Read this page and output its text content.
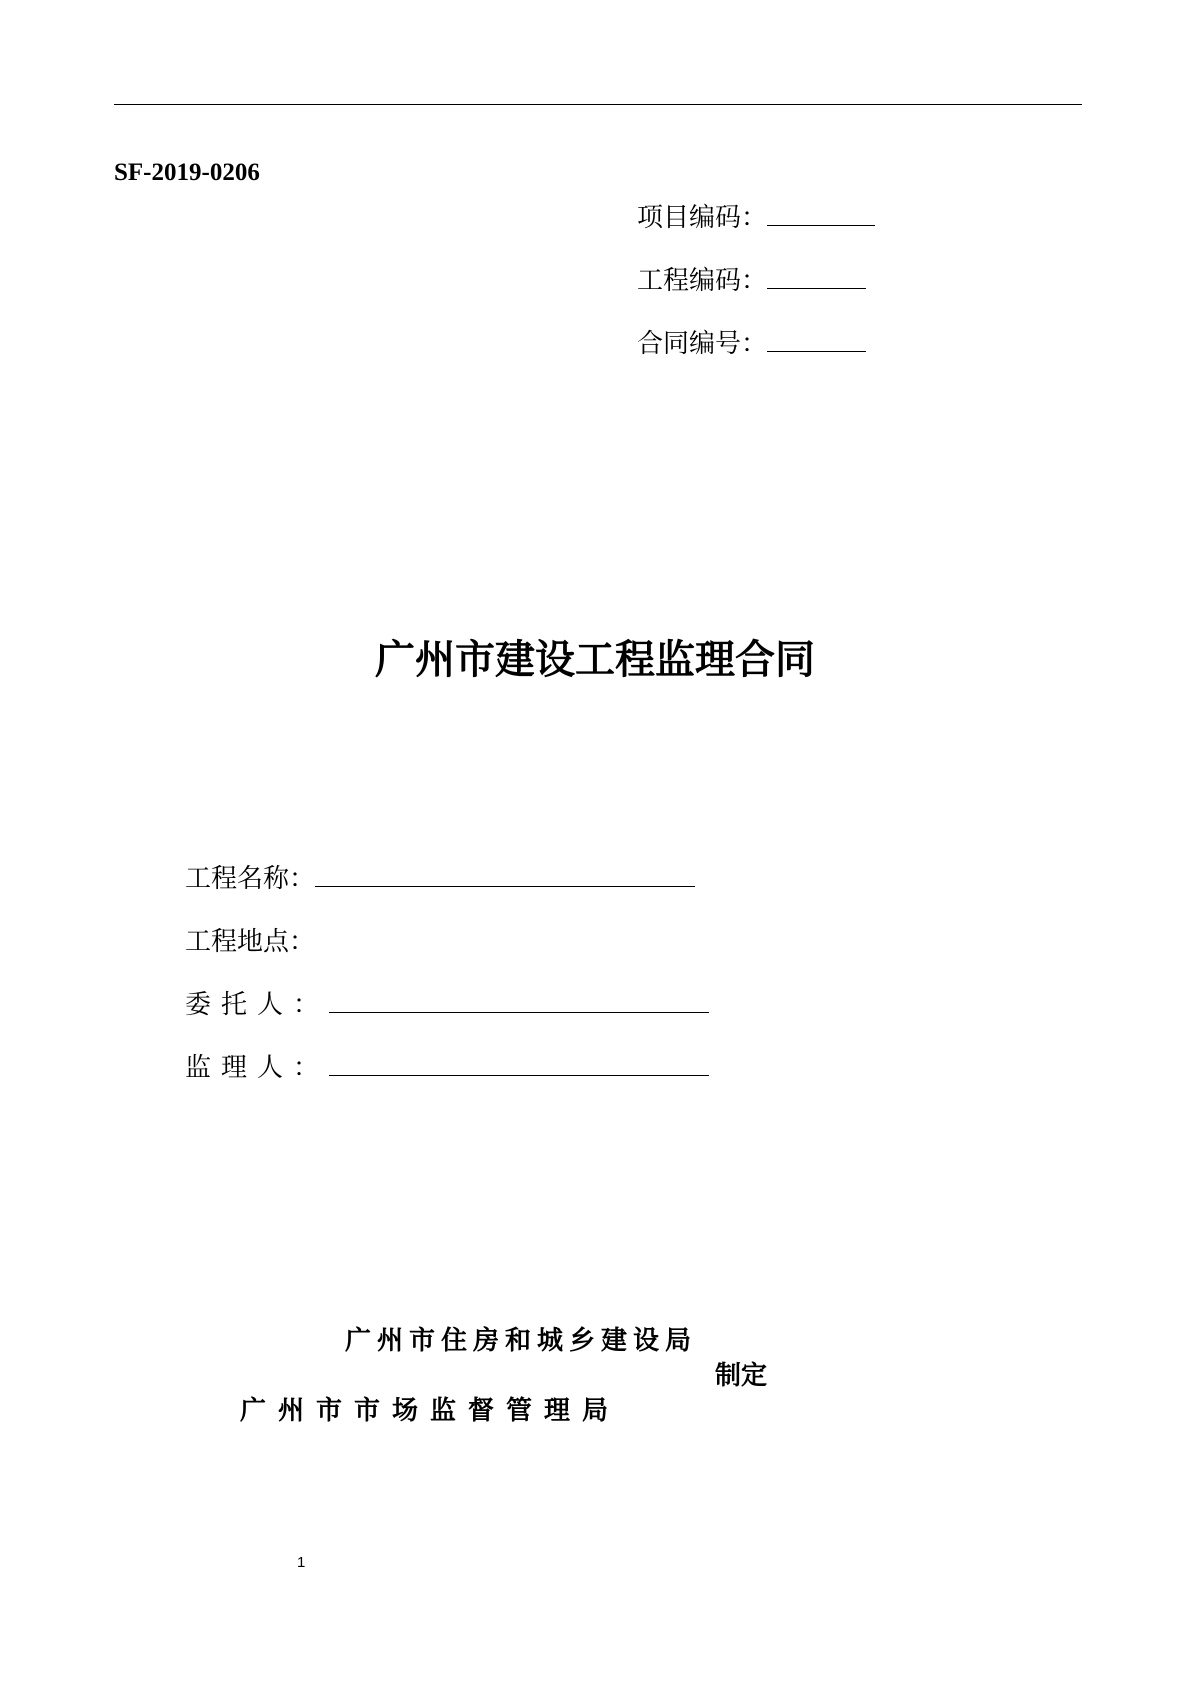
SF-2019-0206
项目编码：
工程编码：
合同编号：
广州市建设工程监理合同
工程名称：
工程地点：
委托人：
监理人：
广州市住房和城乡建设局
制定
广州市市场监督管理局
1
